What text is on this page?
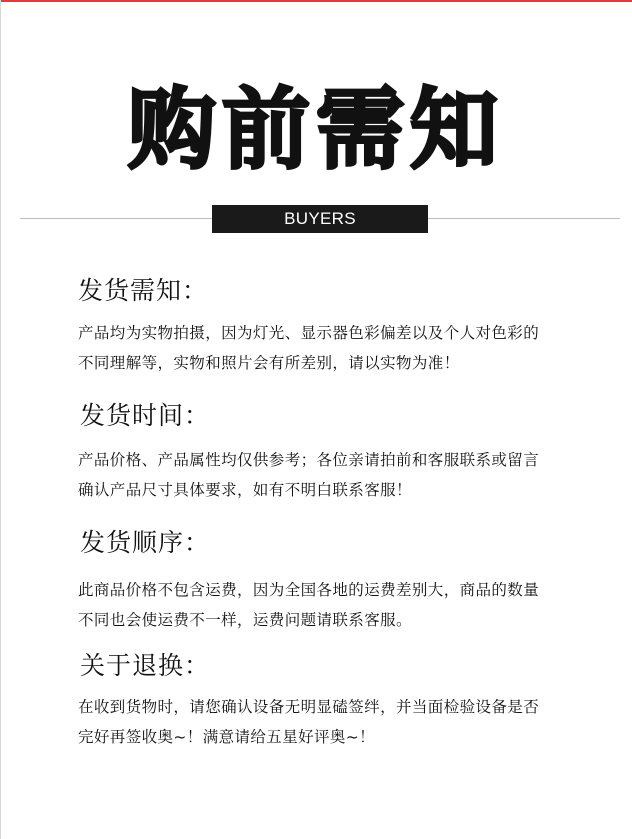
购前需知
BUYERS REQUIREMENTS
发货需知：
产品均为实物拍摄，因为灯光、显示器色彩偏差以及个人对色彩的
不同理解等，实物和照片会有所差别，请以实物为准！
发货时间：
产品价格、产品属性均仅供参考；各位亲请拍前和客服联系或留言
确认产品尺寸具体要求，如有不明白联系客服！
发货顺序：
此商品价格不包含运费，因为全国各地的运费差别大，商品的数量
不同也会使运费不一样，运费问题请联系客服。
关于退换：
在收到货物时，请您确认设备无明显磕签绊，并当面检验设备是否
完好再签收奥~！满意请给五星好评奥~！
